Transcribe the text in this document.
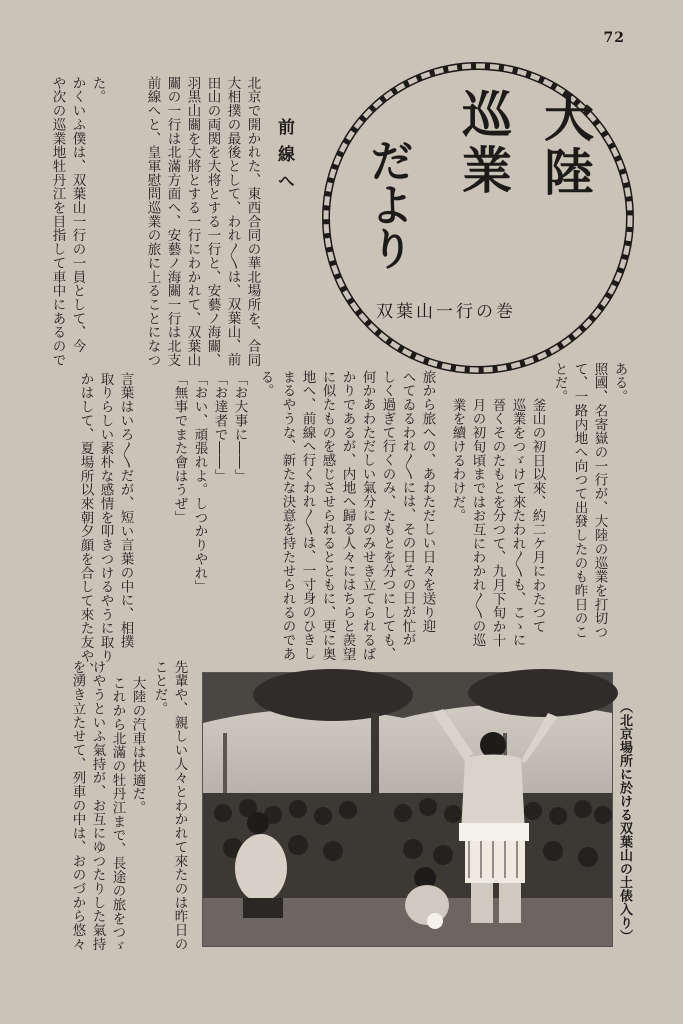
72
大陸
巡業
だより
双葉山一行の巻
前線へ
北京で開かれた、東西合同の華北場所を、合同
大相撲の最後として、われ〳〵は、双葉山、前
田山の両関を大将とする一行と、安藝ノ海關、
羽黒山關を大將とする一行にわかれて、双葉山
關の一行は北滿方面へ、安藝ノ海關一行は北支
前線へと、皇軍慰問巡業の旅に上ることになつ
た。
かくいふ僕は、双葉山一行の一員として、今
や次の巡業地牡丹江を目指して車中にあるので
ある。
照國、名寄嶽の一行が、大陸の巡業を打切つ
て、一路内地へ向つて出發したのも昨日のこ
とだ。
釜山の初日以來、約二ケ月にわたつて
巡業をつゞけて來たわれ〳〵も、こゝに
晉くそのたもとを分つて、九月下旬か十
月の初旬頃まではお互にわかれ〳〵の巡
業を續けるわけだ。
旅から旅への、あわただしい日々を送り迎
へてゐるわれ〳〵には、その日その日が忙が
しく過ぎて行くのみ、たもとを分つにしても、
何かあわただしい氣分にのみせき立てられるば
かりであるが、内地へ歸る人々にはちらと羨望
に似たものを感じさせられるとともに、更に奥
地へ、前線へ行くわれ〳〵は、一寸身のひきし
まるやうな、新たな決意を持たせられるのであ
る。
「お大事に――」
「お達者で――」
「おい、頑張れよ。しつかりやれ」
「無事でまた會はうぜ」
言葉はいろ〳〵だが、短い言葉の中に、相撲
取りらしい素朴な感情を叩きつけるやうに取り
かはして、夏場所以來朝夕顔を合して來た友や、
（北京場所に於ける双葉山の土俵入り）
先輩や、親しい人々とわかれて來たのは昨日の
ことだ。
大陸の汽車は快適だ。
これから北滿の牡丹江まで、長途の旅をつゞ
けやうといふ氣持が、お互にゆつたりした氣持
を湧き立たせて、列車の中は、おのづから悠々
